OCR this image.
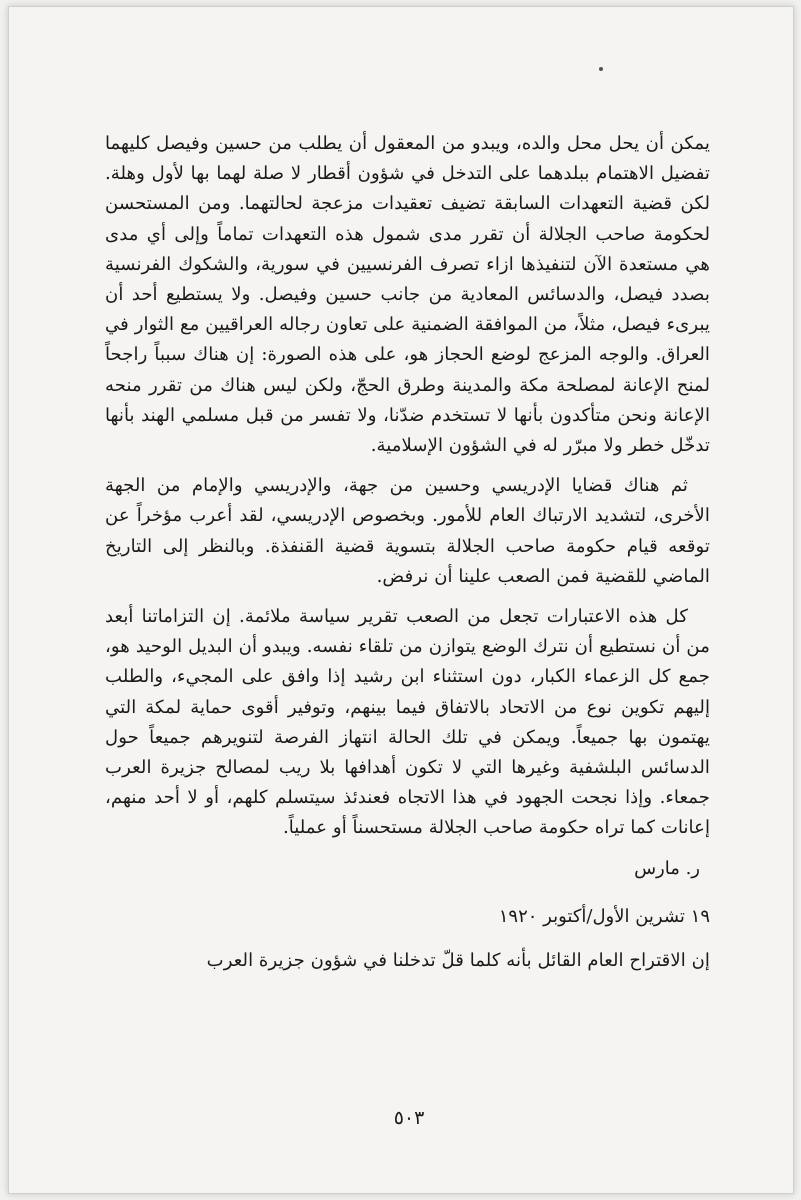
يمكن أن يحل محل والده، ويبدو من المعقول أن يطلب من حسين وفيصل كليهما تفضيل الاهتمام ببلدهما على التدخل في شؤون أقطار لا صلة لهما بها لأول وهلة. لكن قضية التعهدات السابقة تضيف تعقيدات مزعجة لحالتهما. ومن المستحسن لحكومة صاحب الجلالة أن تقرر مدى شمول هذه التعهدات تماماً وإلى أي مدى هي مستعدة الآن لتنفيذها ازاء تصرف الفرنسيين في سورية، والشكوك الفرنسية بصدد فيصل، والدسائس المعادية من جانب حسين وفيصل. ولا يستطيع أحد أن يبرىء فيصل، مثلاً، من الموافقة الضمنية على تعاون رجاله العراقيين مع الثوار في العراق. والوجه المزعج لوضع الحجاز هو، على هذه الصورة: إن هناك سبباً راجحاً لمنح الإعانة لمصلحة مكة والمدينة وطرق الحجّ، ولكن ليس هناك من تقرر منحه الإعانة ونحن متأكدون بأنها لا تستخدم ضدّنا، ولا تفسر من قبل مسلمي الهند بأنها تدخّل خطر ولا مبرّر له في الشؤون الإسلامية.

ثم هناك قضايا الإدريسي وحسين من جهة، والإدريسي والإمام من الجهة الأخرى، لتشديد الارتباك العام للأمور. وبخصوص الإدريسي، لقد أعرب مؤخراً عن توقعه قيام حكومة صاحب الجلالة بتسوية قضية القنفذة. وبالنظر إلى التاريخ الماضي للقضية فمن الصعب علينا أن نرفض.

كل هذه الاعتبارات تجعل من الصعب تقرير سياسة ملائمة. إن التزاماتنا أبعد من أن نستطيع أن نترك الوضع يتوازن من تلقاء نفسه. ويبدو أن البديل الوحيد هو، جمع كل الزعماء الكبار، دون استثناء ابن رشيد إذا وافق على المجيء، والطلب إليهم تكوين نوع من الاتحاد بالاتفاق فيما بينهم، وتوفير أقوى حماية لمكة التي يهتمون بها جميعاً. ويمكن في تلك الحالة انتهاز الفرصة لتنويرهم جميعاً حول الدسائس البلشفية وغيرها التي لا تكون أهدافها بلا ريب لمصالح جزيرة العرب جمعاء. وإذا نجحت الجهود في هذا الاتجاه فعندئذ سيتسلم كلهم، أو لا أحد منهم، إعانات كما تراه حكومة صاحب الجلالة مستحسناً أو عملياً.

ر. مارس

١٩ تشرين الأول/أكتوبر ١٩٢٠

إن الاقتراح العام القائل بأنه كلما قلّ تدخلنا في شؤون جزيرة العرب

٥٠٣
